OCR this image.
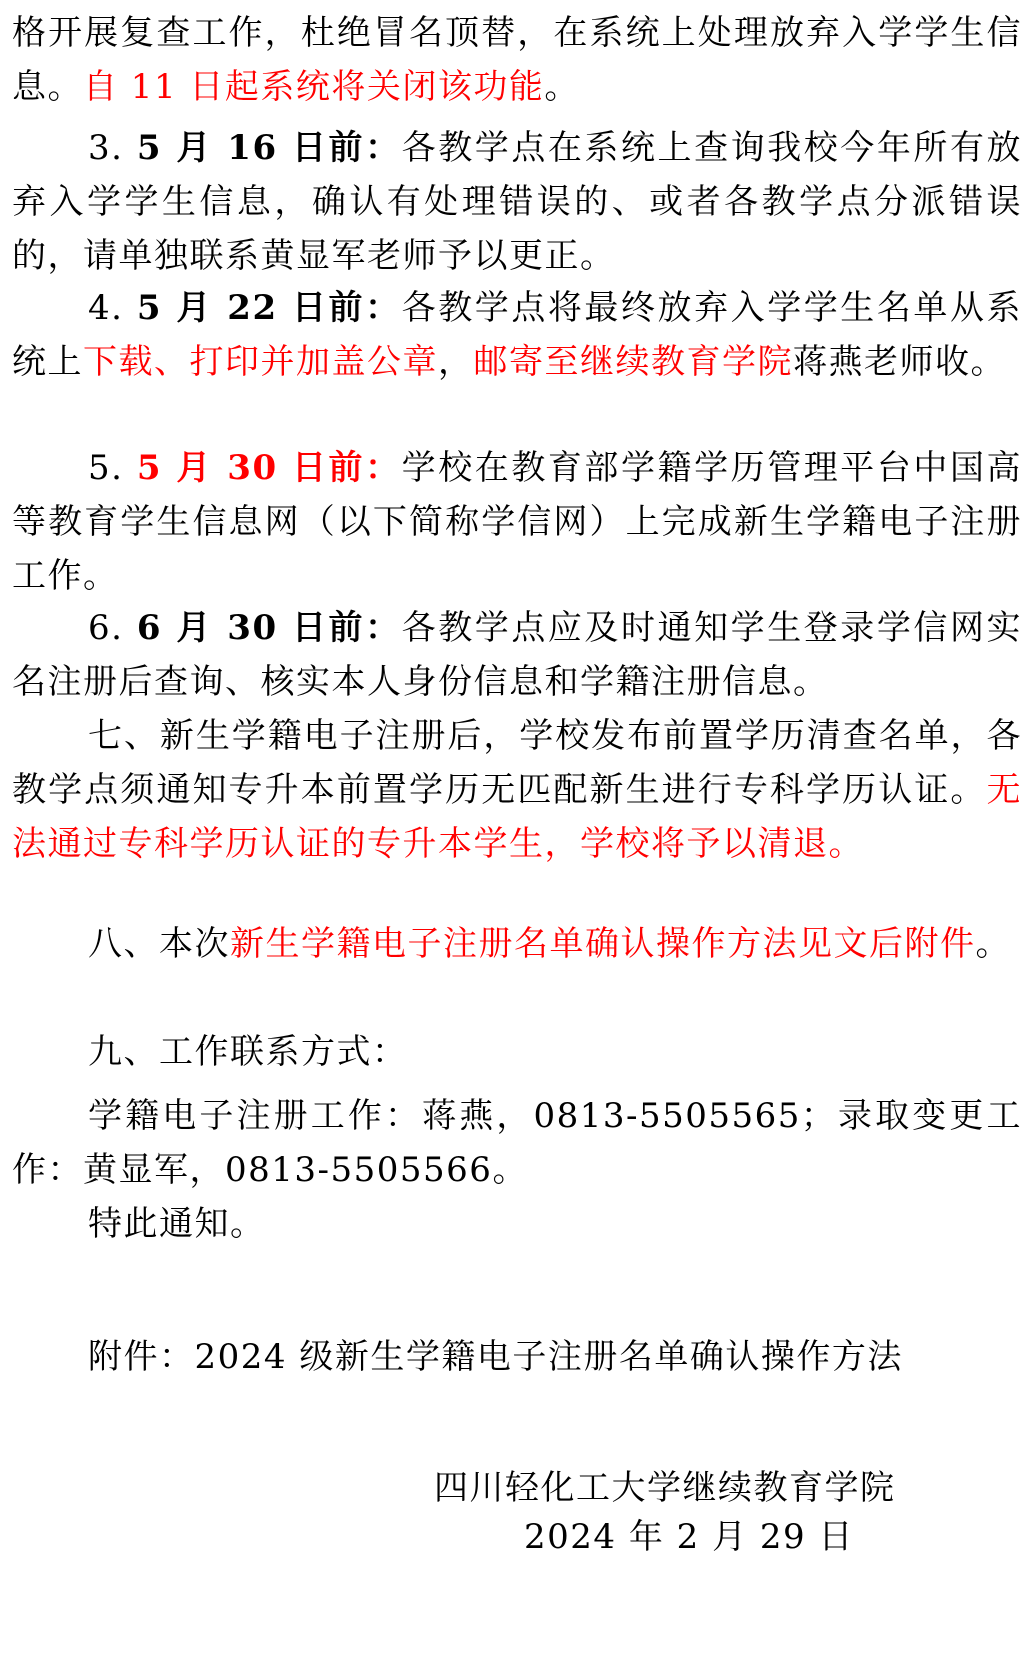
格开展复查工作，杜绝冒名顶替，在系统上处理放弃入学学生信息。自 11 日起系统将关闭该功能。
3. 5 月 16 日前：各教学点在系统上查询我校今年所有放弃入学学生信息，确认有处理错误的、或者各教学点分派错误的，请单独联系黄显军老师予以更正。
4. 5 月 22 日前：各教学点将最终放弃入学学生名单从系统上下载、打印并加盖公章，邮寄至继续教育学院蒋燕老师收。
5. 5 月 30 日前：学校在教育部学籍学历管理平台中国高等教育学生信息网（以下简称学信网）上完成新生学籍电子注册工作。
6. 6 月 30 日前：各教学点应及时通知学生登录学信网实名注册后查询、核实本人身份信息和学籍注册信息。
七、新生学籍电子注册后，学校发布前置学历清查名单，各教学点须通知专升本前置学历无匹配新生进行专科学历认证。无法通过专科学历认证的专升本学生，学校将予以清退。
八、本次新生学籍电子注册名单确认操作方法见文后附件。
九、工作联系方式：
学籍电子注册工作：蒋燕，0813-5505565；录取变更工作：黄显军，0813-5505566。
特此通知。
附件：2024 级新生学籍电子注册名单确认操作方法
四川轻化工大学继续教育学院
2024 年 2 月 29 日
